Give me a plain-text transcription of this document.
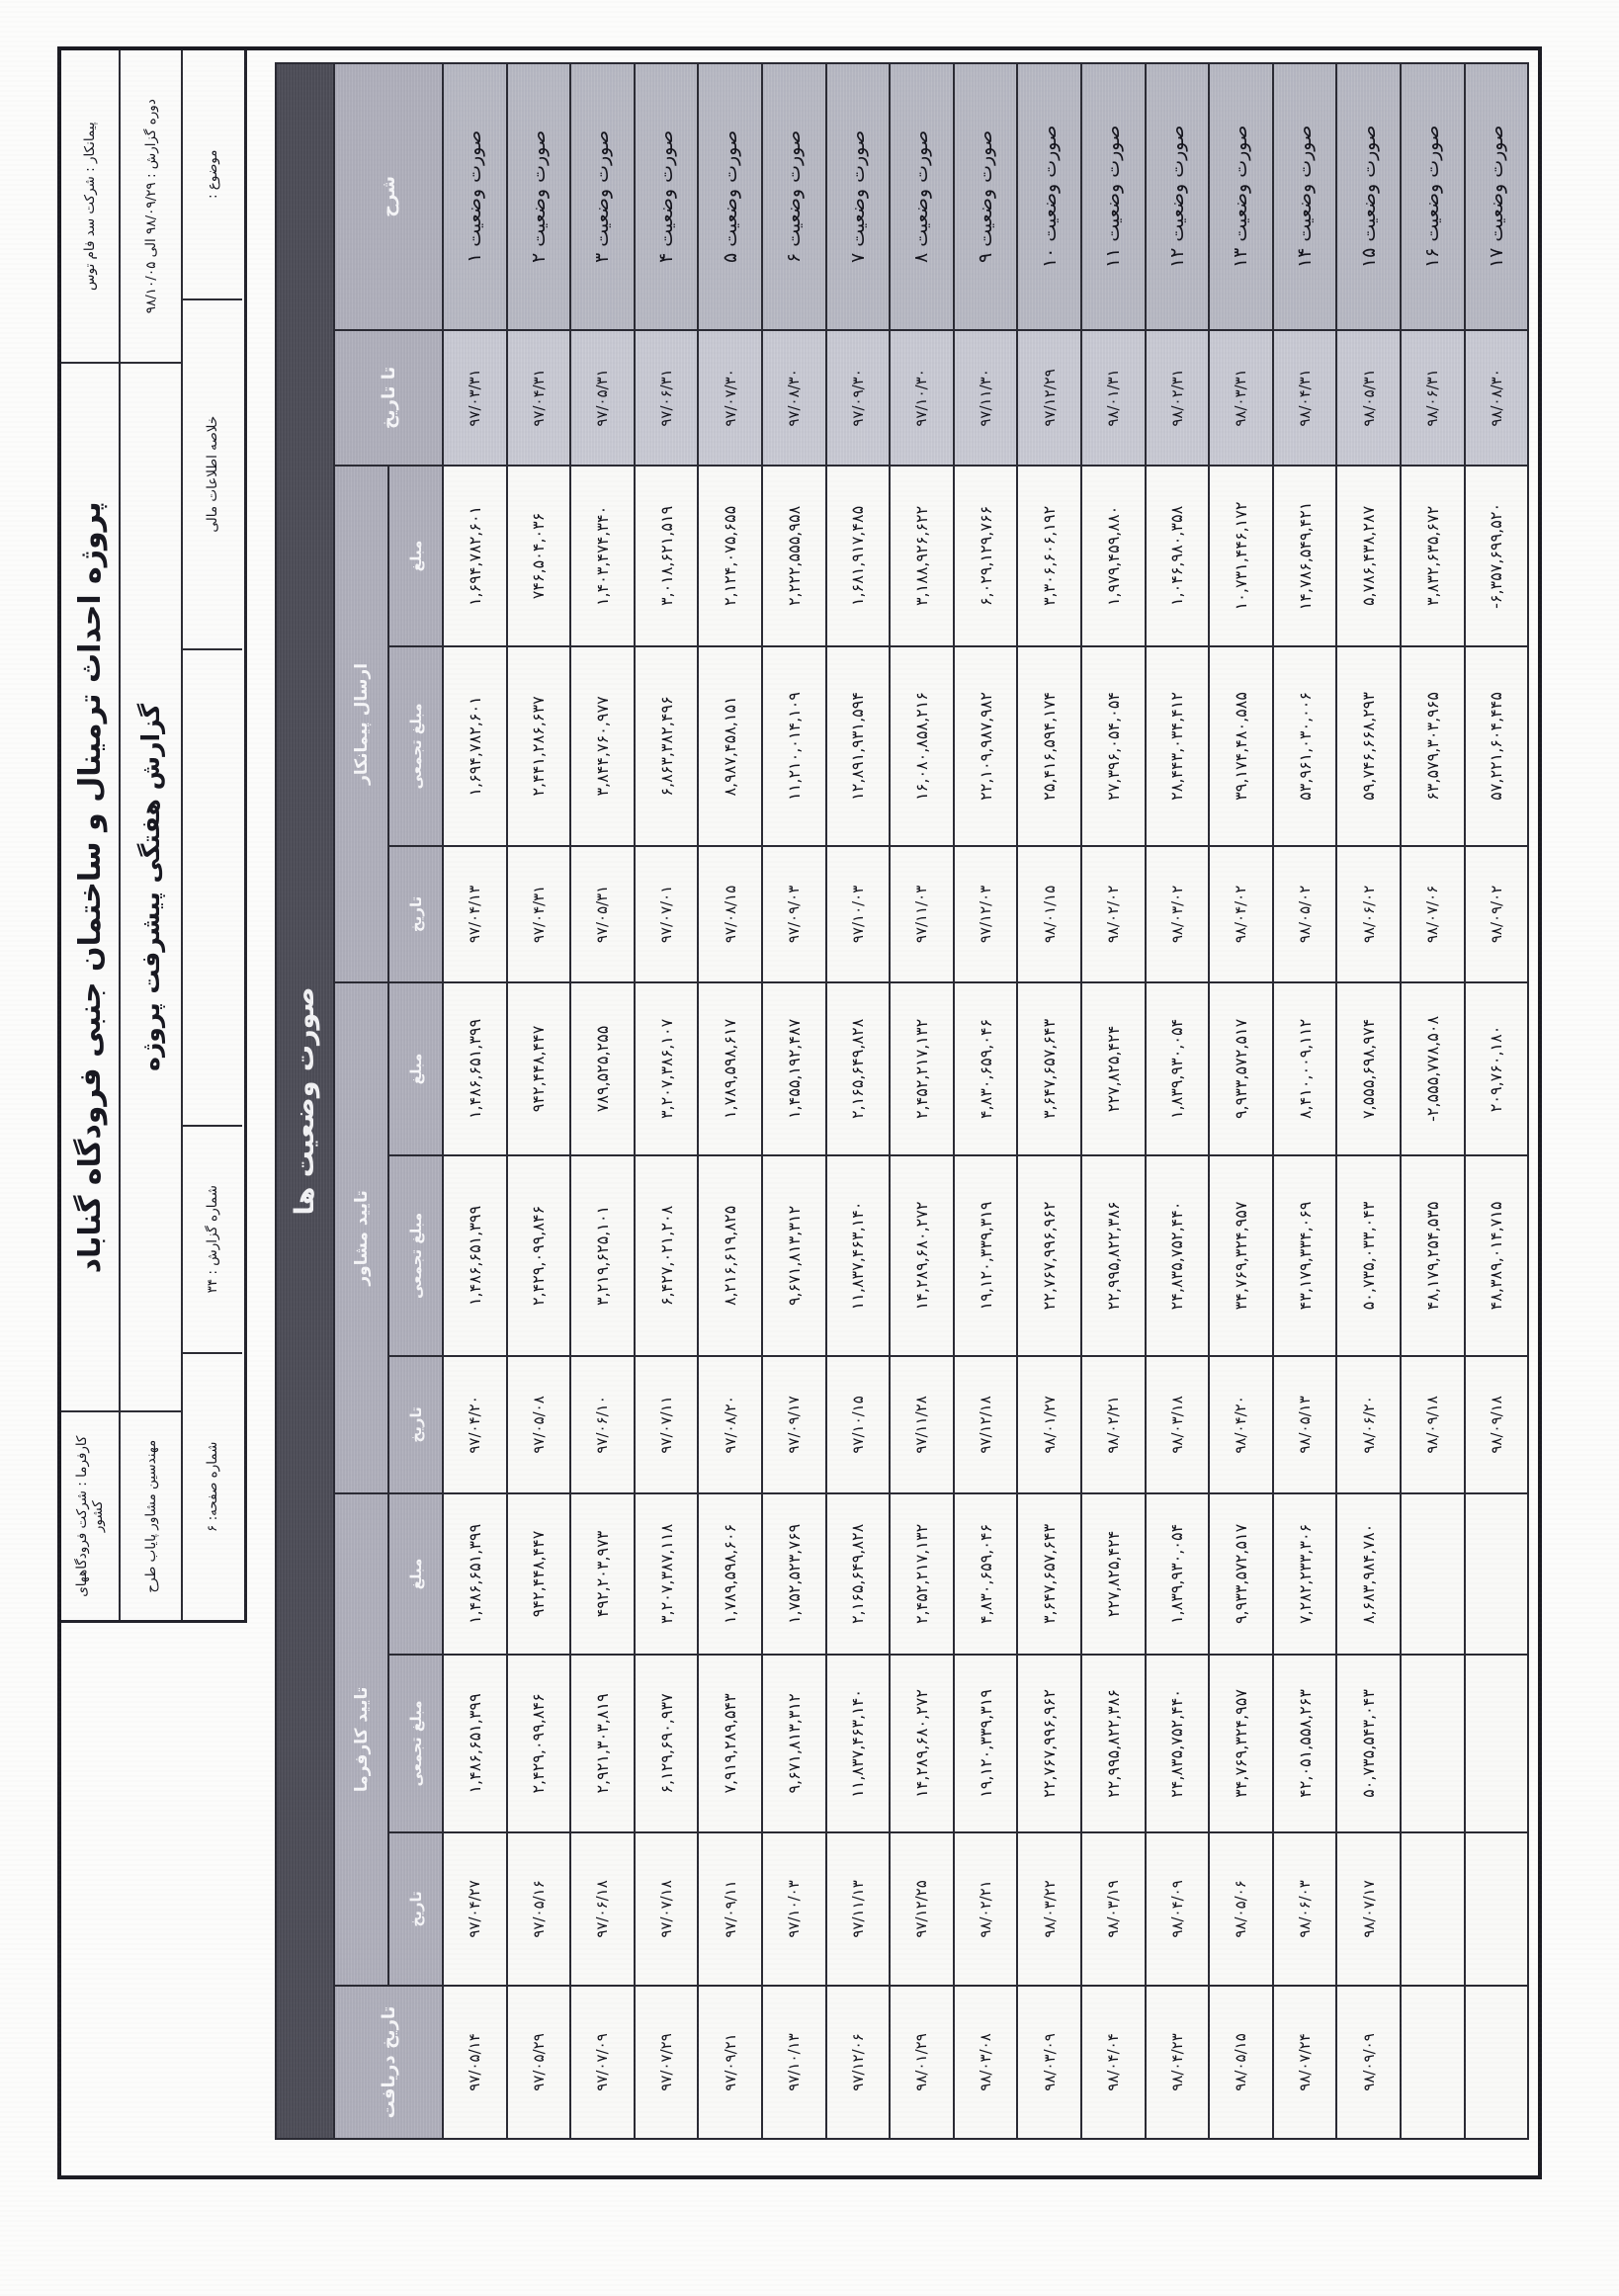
پیمانکار : شرکت سد فام توس
پروژه احداث ترمینال و ساختمان جنبی فرودگاه گناباد
کارفرما : شرکت فرودگاههای کشور
دوره گزارش : ۹۸/۰۹/۲۹ الی ۹۸/۱۰/۰۵
گزارش هفتگی پیشرفت پروژه
مهندسین مشاور پایاب طرح
موضوع :
خلاصه اطلاعات مالی
شماره گزارش : ۳۴
شماره صفحه: ۶
صورت وضعیت ها											
شرح	تا تاریخ	ارسال پیمانکار			تایید مشاور			تایید کارفرما			تاریخ دریافت
		مبلغ	مبلغ تجمعی	تاریخ	مبلغ	مبلغ تجمعی	تاریخ	مبلغ	مبلغ تجمعی	تاریخ	
صورت وضعیت ۱	۹۷/۰۳/۳۱	۱,۶۹۴,۷۸۲,۶۰۱	۱,۶۹۴,۷۸۲,۶۰۱	۹۷/۰۴/۱۳	۱,۴۸۶,۶۵۱,۳۹۹	۱,۴۸۶,۶۵۱,۳۹۹	۹۷/۰۴/۲۰	۱,۴۸۶,۶۵۱,۳۹۹	۱,۴۸۶,۶۵۱,۳۹۹	۹۷/۰۴/۲۷	۹۷/۰۵/۱۴
صورت وضعیت ۲	۹۷/۰۴/۳۱	۷۴۶,۵۰۴,۰۳۶	۲,۴۴۱,۲۸۶,۶۳۷	۹۷/۰۴/۳۱	۹۴۲,۴۴۸,۴۴۷	۲,۴۲۹,۰۹۹,۸۴۶	۹۷/۰۵/۰۸	۹۴۲,۴۴۸,۴۴۷	۲,۴۲۹,۰۹۹,۸۴۶	۹۷/۰۵/۱۶	۹۷/۰۵/۲۹
صورت وضعیت ۳	۹۷/۰۵/۳۱	۱,۴۰۳,۴۷۴,۳۴۰	۳,۸۴۴,۷۶۰,۹۷۷	۹۷/۰۵/۳۱	۷۸۹,۵۲۵,۲۵۵	۳,۲۱۹,۶۲۵,۱۰۱	۹۷/۰۶/۱۰	۴۹۲,۲۰۳,۹۷۳	۲,۹۲۱,۳۰۳,۸۱۹	۹۷/۰۶/۱۸	۹۷/۰۷/۰۹
صورت وضعیت ۴	۹۷/۰۶/۳۱	۳,۰۱۸,۶۲۱,۵۱۹	۶,۸۶۳,۳۸۲,۴۹۶	۹۷/۰۷/۰۱	۳,۲۰۷,۳۸۶,۱۰۷	۶,۴۲۷,۰۲۱,۲۰۸	۹۷/۰۷/۱۱	۳,۲۰۷,۳۸۷,۱۱۸	۶,۱۲۹,۶۹۰,۹۳۷	۹۷/۰۷/۱۸	۹۷/۰۷/۲۹
صورت وضعیت ۵	۹۷/۰۷/۳۰	۲,۱۲۴,۰۷۵,۶۵۵	۸,۹۸۷,۴۵۸,۱۵۱	۹۷/۰۸/۱۵	۱,۷۸۹,۵۹۸,۶۱۷	۸,۲۱۶,۶۱۹,۸۲۵	۹۷/۰۸/۲۰	۱,۷۸۹,۵۹۸,۶۰۶	۷,۹۱۹,۲۸۹,۵۴۳	۹۷/۰۹/۱۱	۹۷/۰۹/۲۱
صورت وضعیت ۶	۹۷/۰۸/۳۰	۲,۲۲۲,۵۵۵,۹۵۸	۱۱,۲۱۰,۰۱۴,۱۰۹	۹۷/۰۹/۰۳	۱,۴۵۵,۱۹۲,۴۸۷	۹,۶۷۱,۸۱۳,۳۱۲	۹۷/۰۹/۱۷	۱,۷۵۲,۵۲۳,۷۶۹	۹,۶۷۱,۸۱۳,۳۱۲	۹۷/۱۰/۰۳	۹۷/۱۰/۱۳
صورت وضعیت ۷	۹۷/۰۹/۳۰	۱,۶۸۱,۹۱۷,۴۸۵	۱۲,۸۹۱,۹۳۱,۵۹۴	۹۷/۱۰/۰۳	۲,۱۶۵,۶۴۹,۸۲۸	۱۱,۸۳۷,۴۶۳,۱۴۰	۹۷/۱۰/۱۵	۲,۱۶۵,۶۴۹,۸۲۸	۱۱,۸۳۷,۴۶۳,۱۴۰	۹۷/۱۱/۱۳	۹۷/۱۲/۰۶
صورت وضعیت ۸	۹۷/۱۰/۳۰	۳,۱۸۸,۹۲۶,۶۲۲	۱۶,۰۸۰,۸۵۸,۲۱۶	۹۷/۱۱/۰۳	۲,۴۵۲,۲۱۷,۱۳۲	۱۴,۲۸۹,۶۸۰,۲۷۲	۹۷/۱۱/۲۸	۲,۴۵۲,۲۱۷,۱۳۲	۱۴,۲۸۹,۶۸۰,۲۷۲	۹۷/۱۲/۲۵	۹۸/۰۱/۲۹
صورت وضعیت ۹	۹۷/۱۱/۳۰	۶,۰۲۹,۱۲۹,۷۶۶	۲۲,۱۰۹,۹۸۷,۹۸۲	۹۷/۱۲/۰۳	۴,۸۳۰,۶۵۹,۰۴۶	۱۹,۱۲۰,۳۳۹,۳۱۹	۹۷/۱۲/۱۸	۴,۸۳۰,۶۵۹,۰۴۶	۱۹,۱۲۰,۳۳۹,۳۱۹	۹۸/۰۲/۲۱	۹۸/۰۳/۰۸
صورت وضعیت ۱۰	۹۷/۱۲/۲۹	۳,۳۰۶,۶۰۶,۱۹۲	۲۵,۴۱۶,۵۹۴,۱۷۴	۹۸/۰۱/۱۵	۳,۶۴۷,۶۵۷,۶۴۳	۲۲,۷۶۷,۹۹۶,۹۶۲	۹۸/۰۱/۲۷	۳,۶۴۷,۶۵۷,۶۴۳	۲۲,۷۶۷,۹۹۶,۹۶۲	۹۸/۰۳/۲۲	۹۸/۰۳/۰۹
صورت وضعیت ۱۱	۹۸/۰۱/۳۱	۱,۹۷۹,۴۵۹,۸۸۰	۲۷,۳۹۶,۰۵۴,۰۵۴	۹۸/۰۲/۰۲	۲۲۷,۸۲۵,۴۲۴	۲۲,۹۹۵,۸۲۲,۳۸۶	۹۸/۰۲/۲۱	۲۲۷,۸۲۵,۴۲۴	۲۲,۹۹۵,۸۲۲,۳۸۶	۹۸/۰۳/۱۹	۹۸/۰۴/۰۴
صورت وضعیت ۱۲	۹۸/۰۲/۳۱	۱,۰۴۶,۹۸۰,۳۵۸	۲۸,۴۴۳,۰۳۴,۴۱۲	۹۸/۰۳/۰۲	۱,۸۳۹,۹۳۰,۰۵۴	۲۴,۸۳۵,۷۵۲,۴۴۰	۹۸/۰۳/۱۸	۱,۸۳۹,۹۳۰,۰۵۴	۲۴,۸۳۵,۷۵۲,۴۴۰	۹۸/۰۴/۰۹	۹۸/۰۴/۲۳
صورت وضعیت ۱۳	۹۸/۰۳/۳۱	۱۰,۷۳۱,۴۴۶,۱۷۲	۳۹,۱۷۴,۴۸۰,۵۸۵	۹۸/۰۴/۰۲	۹,۹۳۳,۵۷۲,۵۱۷	۳۴,۷۶۹,۳۲۴,۹۵۷	۹۸/۰۴/۲۰	۹,۹۳۳,۵۷۲,۵۱۷	۳۴,۷۶۹,۳۲۴,۹۵۷	۹۸/۰۵/۰۶	۹۸/۰۵/۱۵
صورت وضعیت ۱۴	۹۸/۰۴/۳۱	۱۴,۷۸۶,۵۴۹,۴۲۱	۵۳,۹۶۱,۰۳۰,۰۰۶	۹۸/۰۵/۰۲	۸,۴۱۰,۰۰۹,۱۱۲	۴۳,۱۷۹,۳۳۴,۰۶۹	۹۸/۰۵/۱۳	۷,۲۸۲,۲۳۳,۳۰۶	۴۲,۰۵۱,۵۵۸,۲۶۳	۹۸/۰۶/۰۳	۹۸/۰۷/۲۴
صورت وضعیت ۱۵	۹۸/۰۵/۳۱	۵,۷۸۶,۴۳۸,۲۸۷	۵۹,۷۴۶,۶۶۸,۲۹۳	۹۸/۰۶/۰۲	۷,۵۵۵,۶۹۸,۹۷۴	۵۰,۷۳۵,۰۳۳,۰۴۳	۹۸/۰۶/۲۰	۸,۶۸۳,۹۸۴,۷۸۰	۵۰,۷۳۵,۵۴۳,۰۴۳	۹۸/۰۷/۱۷	۹۸/۰۹/۰۹
صورت وضعیت ۱۶	۹۸/۰۶/۳۱	۳,۸۳۲,۶۳۵,۶۷۲	۶۳,۵۷۹,۳۰۳,۹۶۵	۹۸/۰۷/۰۶	۲,۵۵۵,۷۷۸,۵۰۸-	۴۸,۱۷۹,۲۵۴,۵۳۵	۹۸/۰۹/۱۸				
صورت وضعیت ۱۷	۹۸/۰۸/۳۰	۶,۳۵۷,۶۹۹,۵۲۰-	۵۷,۲۲۱,۶۰۴,۴۴۵	۹۸/۰۹/۰۲	۲۰۹,۷۶۰,۱۸۰	۴۸,۳۸۹,۰۱۴,۷۱۵	۹۸/۰۹/۱۸				
